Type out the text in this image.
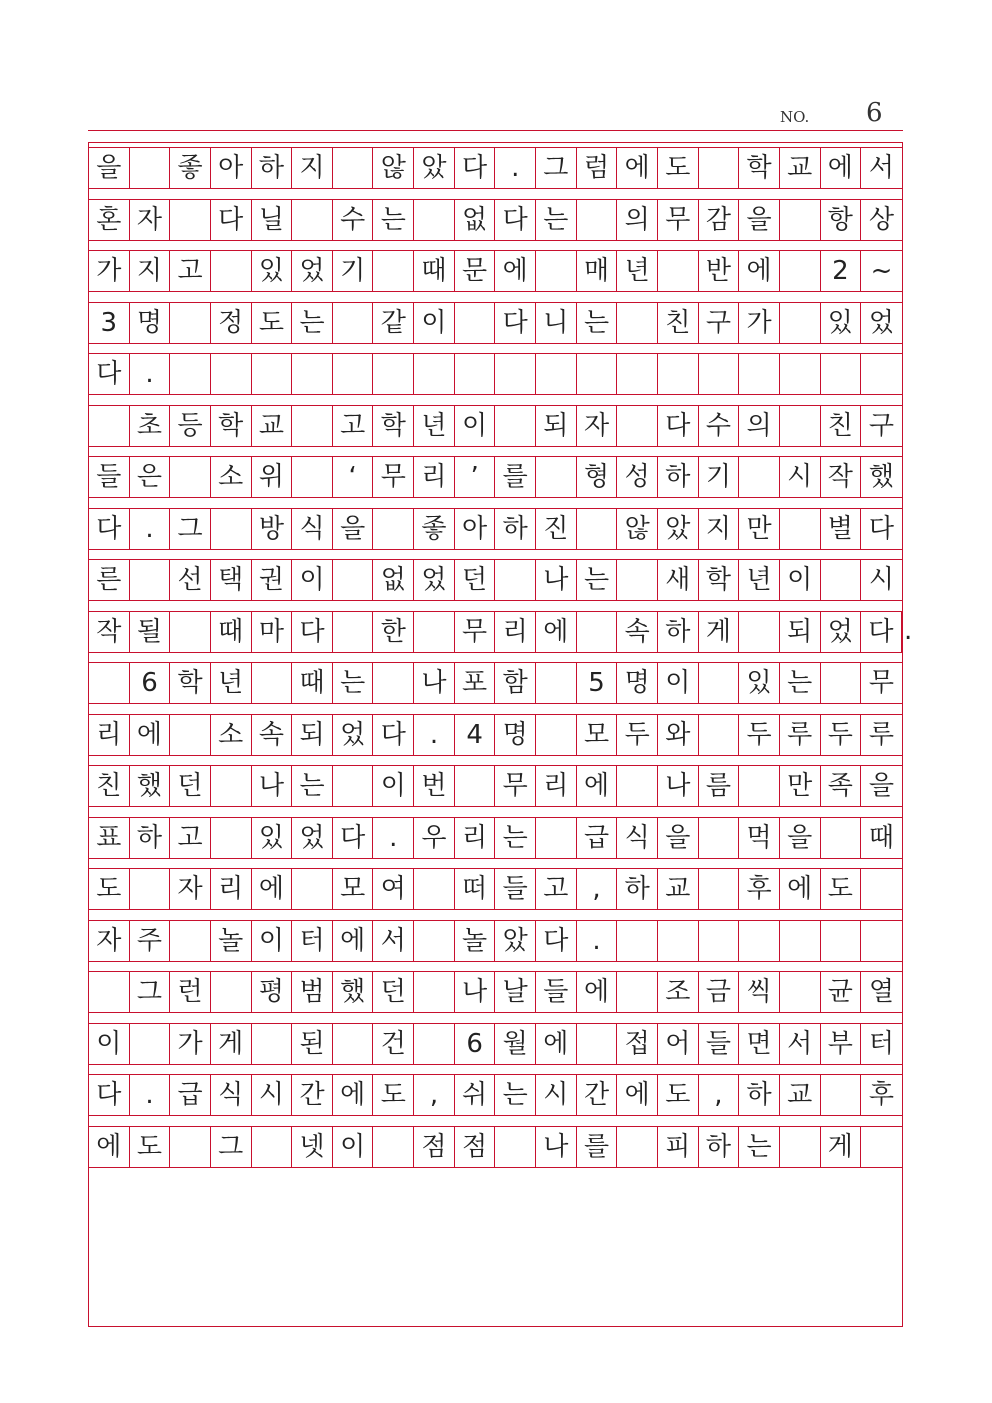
NO. 6
을	좋 아 하 지	않 았 다 . 그 럼 에 도	학 교 에 서
혼 자	다 닐	수 는	없 다 는	의 무 감 을	항 상
가 지 고	있 었 기	때 문 에	매 년	반 에	2 ~
3 명	정 도 는	같 이	다 니 는	친 구 가	있 었
다 .
초 등 학 교	고 학 년 이	되 자	다 수 의	친 구
들 은	소 위	‘ 무 리 ’ 를	형 성 하 기	시 작 했
다 . 그	방 식 을	좋 아 하 진	않 았 지 만	별 다
른	선 택 권 이	없 었 던	나 는	새 학 년 이	시
작 될	때 마 다	한	무 리 에	속 하 게	되 었 다 .
6 학 년	때 는	나 포 함	5 명 이	있 는	무
리 에	소 속 되 었 다 .	4 명	모 두 와	두 루 두 루
친 했 던	나 는	이 번	무 리 에	나 름	만 족 을
표 하 고	있 었 다 . 우 리 는	급 식 을	먹 을	때
도	자 리 에	모 여	떠 들 고 , 하 교	후 에 도
자 주	놀 이 터 에 서	놀 았 다 .
그 런	평 범 했 던	나 날 들 에	조 금 씩	균 열
이	가 게	된	건	6 월 에	접 어 들 면 서 부 터
다 . 급 식 시 간 에 도 , 쉬 는 시 간 에 도 , 하 교	후
에 도	그	넷 이	점 점	나 를	피 하 는	게
